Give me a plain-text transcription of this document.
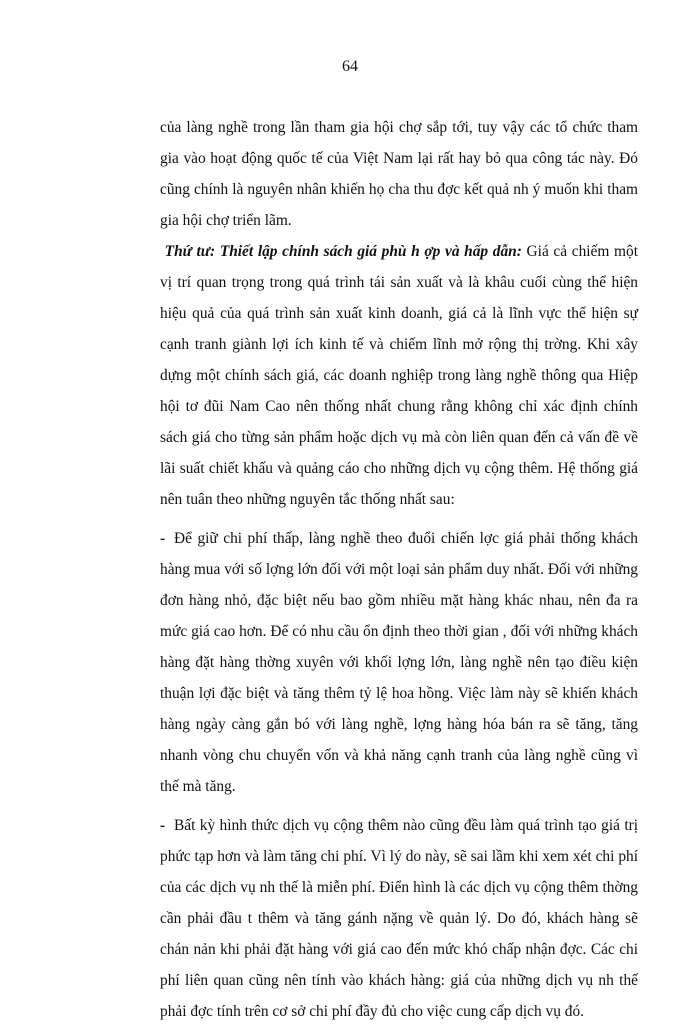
64

của làng nghề trong lần tham gia hội chợ sắp tới, tuy vậy các tổ chức tham gia vào hoạt động quốc tế của Việt Nam lại rất hay bỏ qua công tác này. Đó cũng chính là nguyên nhân khiến họ cha thu đợc kết quả nh ý muốn khi tham gia hội chợ triển lãm.

Thứ tư: Thiết lập chính sách giá phù h ợp và hấp dẫn: Giá cả chiếm một vị trí quan trọng trong quá trình tái sản xuất và là khâu cuối cùng thể hiện hiệu quả của quá trình sản xuất kinh doanh, giá cả là lĩnh vực thể hiện sự cạnh tranh giành lợi ích kinh tế và chiếm lĩnh mở rộng thị trờng. Khi xây dựng một chính sách giá, các doanh nghiệp trong làng nghề thông qua Hiệp hội tơ đũi Nam Cao nên thống nhất chung rằng không chỉ xác định chính sách giá cho từng sản phẩm hoặc dịch vụ mà còn liên quan đến cả vấn đề về lãi suất chiết khấu và quảng cáo cho những dịch vụ cộng thêm. Hệ thống giá nên tuân theo những nguyên tắc thống nhất sau:

- Để giữ chi phí thấp, làng nghề theo đuổi chiến lợc giá phải thống khách hàng mua với số lợng lớn đối với một loại sản phẩm duy nhất. Đối với những đơn hàng nhỏ, đặc biệt nếu bao gồm nhiều mặt hàng khác nhau, nên đa ra mức giá cao hơn. Để có nhu cầu ổn định theo thời gian , đối với những khách hàng đặt hàng thờng xuyên với khối lợng lớn, làng nghề nên tạo điều kiện thuận lợi đặc biệt và tăng thêm tỷ lệ hoa hồng. Việc làm này sẽ khiến khách hàng ngày càng gắn bó với làng nghề, lợng hàng hóa bán ra sẽ tăng, tăng nhanh vòng chu chuyển vốn và khả năng cạnh tranh của làng nghề cũng vì thế mà tăng.

- Bất kỳ hình thức dịch vụ cộng thêm nào cũng đều làm quá trình tạo giá trị phức tạp hơn và làm tăng chi phí. Vì lý do này, sẽ sai lầm khi xem xét chi phí của các dịch vụ nh thế là miễn phí. Điển hình là các dịch vụ cộng thêm thờng cần phải đầu t thêm và tăng gánh nặng về quản lý. Do đó, khách hàng sẽ chán nản khi phải đặt hàng với giá cao đến mức khó chấp nhận đợc. Các chi phí liên quan cũng nên tính vào khách hàng: giá của những dịch vụ nh thế phải đợc tính trên cơ sở chi phí đầy đủ cho việc cung cấp dịch vụ đó.
